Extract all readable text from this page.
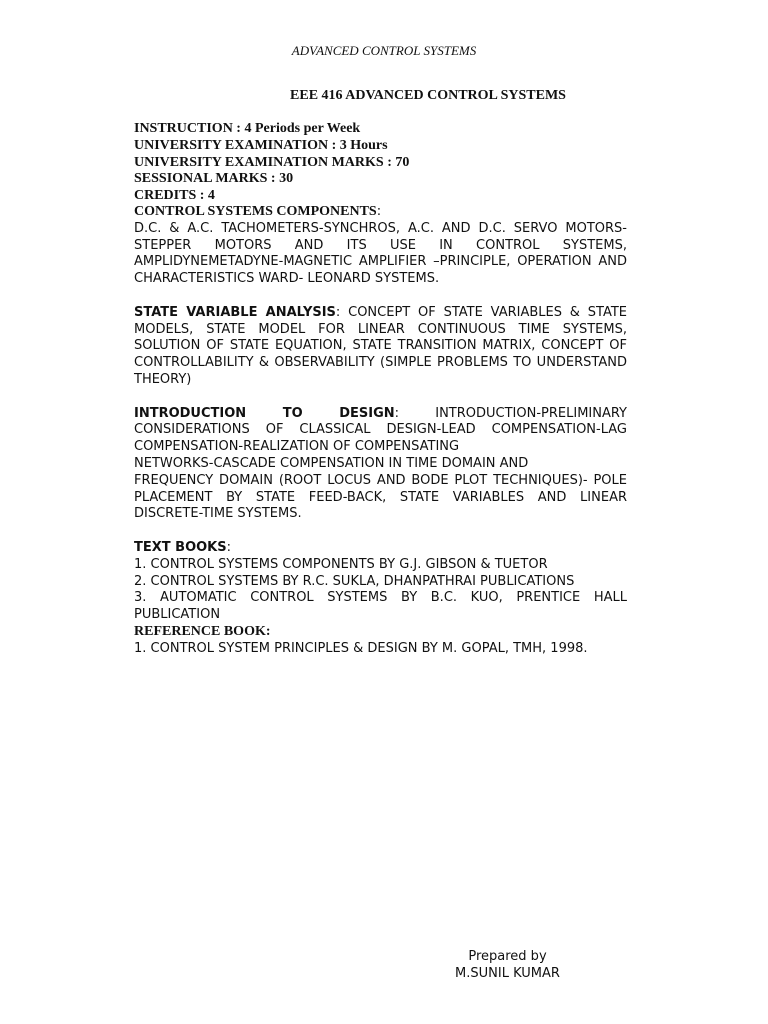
ADVANCED CONTROL SYSTEMS
EEE 416 ADVANCED CONTROL SYSTEMS
INSTRUCTION : 4 Periods per Week
UNIVERSITY EXAMINATION : 3 Hours
UNIVERSITY EXAMINATION MARKS : 70
SESSIONAL MARKS : 30
CREDITS : 4

CONTROL SYSTEMS COMPONENTS:
D.C. & A.C. TACHOMETERS-SYNCHROS, A.C. AND D.C. SERVO MOTORS-STEPPER MOTORS AND ITS USE IN CONTROL SYSTEMS, AMPLIDYNEMETADYNE-MAGNETIC AMPLIFIER –PRINCIPLE, OPERATION AND CHARACTERISTICS WARD- LEONARD SYSTEMS.

STATE VARIABLE ANALYSIS: CONCEPT OF STATE VARIABLES & STATE MODELS, STATE MODEL FOR LINEAR CONTINUOUS TIME SYSTEMS, SOLUTION OF STATE EQUATION, STATE TRANSITION MATRIX, CONCEPT OF CONTROLLABILITY & OBSERVABILITY (SIMPLE PROBLEMS TO UNDERSTAND THEORY)

INTRODUCTION TO DESIGN: INTRODUCTION-PRELIMINARY CONSIDERATIONS OF CLASSICAL DESIGN-LEAD COMPENSATION-LAG COMPENSATION-REALIZATION OF COMPENSATING

NETWORKS-CASCADE COMPENSATION IN TIME DOMAIN AND

FREQUENCY DOMAIN (ROOT LOCUS AND BODE PLOT TECHNIQUES)- POLE PLACEMENT BY STATE FEED-BACK, STATE VARIABLES AND LINEAR DISCRETE-TIME SYSTEMS.

TEXT BOOKS:

1. CONTROL SYSTEMS COMPONENTS BY G.J. GIBSON & TUETOR

2. CONTROL SYSTEMS BY R.C. SUKLA, DHANPATHRAI PUBLICATIONS

3. AUTOMATIC CONTROL SYSTEMS BY B.C. KUO, PRENTICE HALL PUBLICATION

REFERENCE BOOK:

1. CONTROL SYSTEM PRINCIPLES & DESIGN BY M. GOPAL, TMH, 1998.

Prepared by
M.SUNIL KUMAR
